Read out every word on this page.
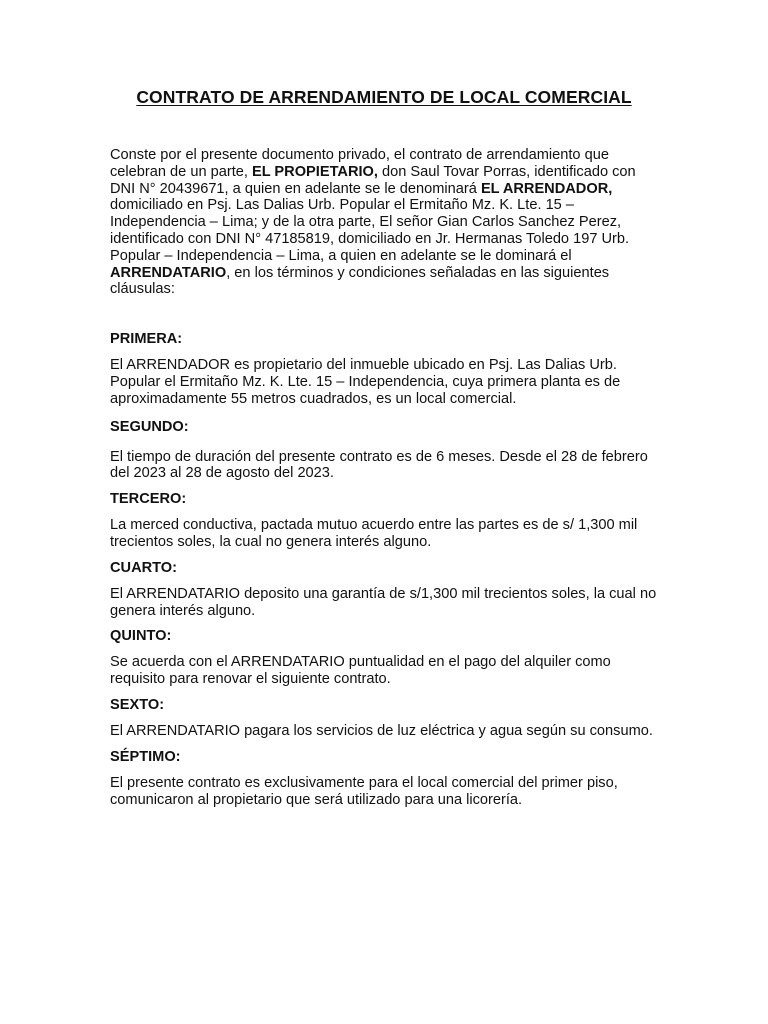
CONTRATO DE ARRENDAMIENTO DE LOCAL COMERCIAL

Conste por el presente documento privado, el contrato de arrendamiento que celebran de un parte, EL PROPIETARIO, don Saul Tovar Porras, identificado con DNI N° 20439671, a quien en adelante se le denominará EL ARRENDADOR, domiciliado en Psj. Las Dalias Urb. Popular el Ermitaño Mz. K. Lte. 15 – Independencia – Lima; y de la otra parte, El señor Gian Carlos Sanchez Perez, identificado con DNI N° 47185819, domiciliado en Jr. Hermanas Toledo 197 Urb. Popular – Independencia – Lima, a quien en adelante se le dominará el ARRENDATARIO, en los términos y condiciones señaladas en las siguientes cláusulas:

PRIMERA:

El ARRENDADOR es propietario del inmueble ubicado en Psj. Las Dalias Urb. Popular el Ermitaño Mz. K. Lte. 15 – Independencia, cuya primera planta es de aproximadamente 55 metros cuadrados, es un local comercial.

SEGUNDO:

El tiempo de duración del presente contrato es de 6 meses. Desde el 28 de febrero del 2023 al 28 de agosto del 2023.

TERCERO:

La merced conductiva, pactada mutuo acuerdo entre las partes es de s/ 1,300 mil trecientos soles, la cual no genera interés alguno.

CUARTO:

El ARRENDATARIO deposito una garantía de s/1,300 mil trecientos soles, la cual no genera interés alguno.

QUINTO:

Se acuerda con el ARRENDATARIO puntualidad en el pago del alquiler como requisito para renovar el siguiente contrato.

SEXTO:

El ARRENDATARIO pagara los servicios de luz eléctrica y agua según su consumo.

SÉPTIMO:

El presente contrato es exclusivamente para el local comercial del primer piso, comunicaron al propietario que será utilizado para una licorería.
